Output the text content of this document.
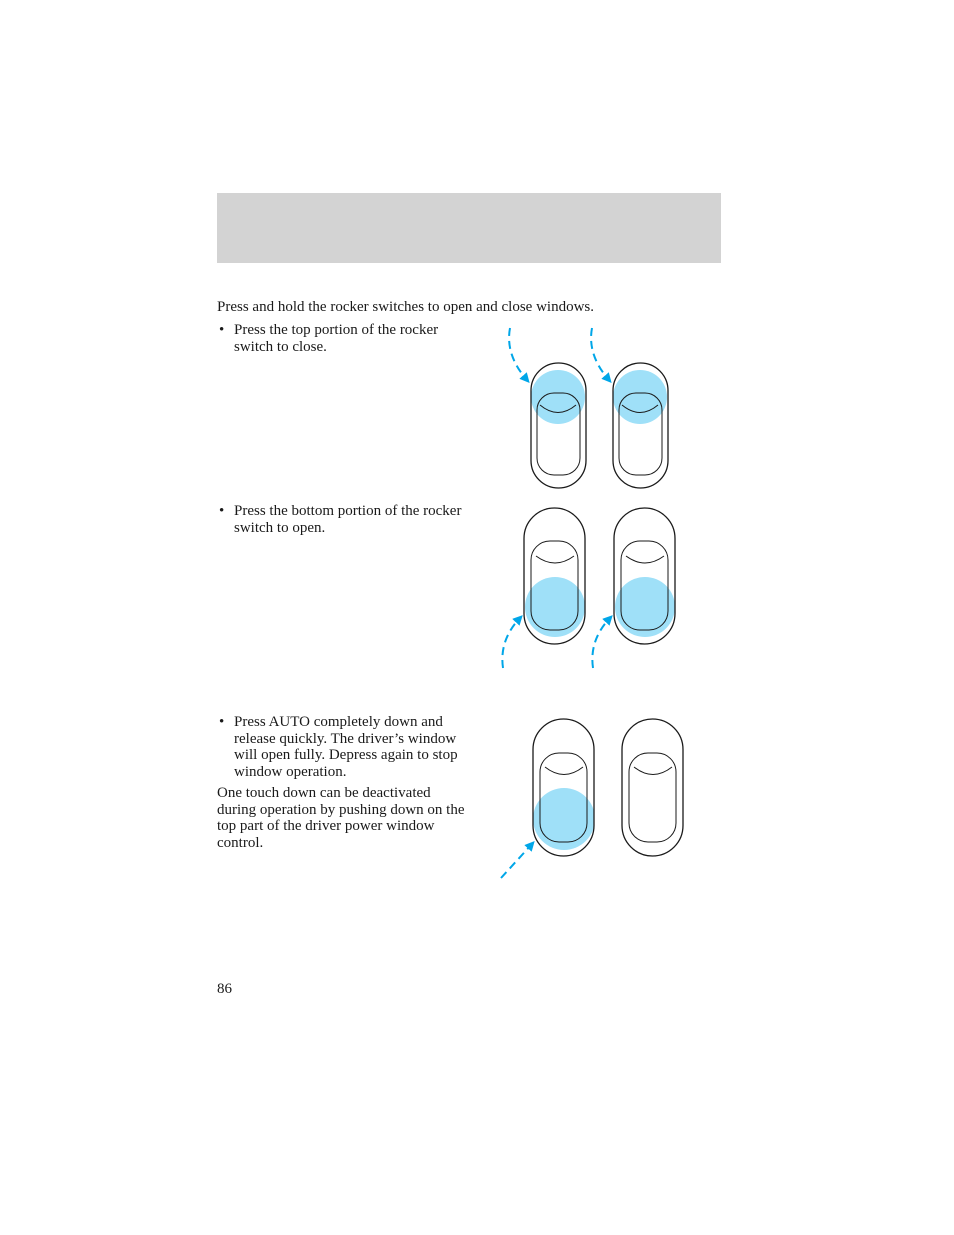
Press and hold the rocker switches to open and close windows.

• Press the top portion of the rocker switch to close.
• Press the bottom portion of the rocker switch to open.
• Press AUTO completely down and release quickly. The driver’s window will open fully. Depress again to stop window operation.

One touch down can be deactivated during operation by pushing down on the top part of the driver power window control.

86
